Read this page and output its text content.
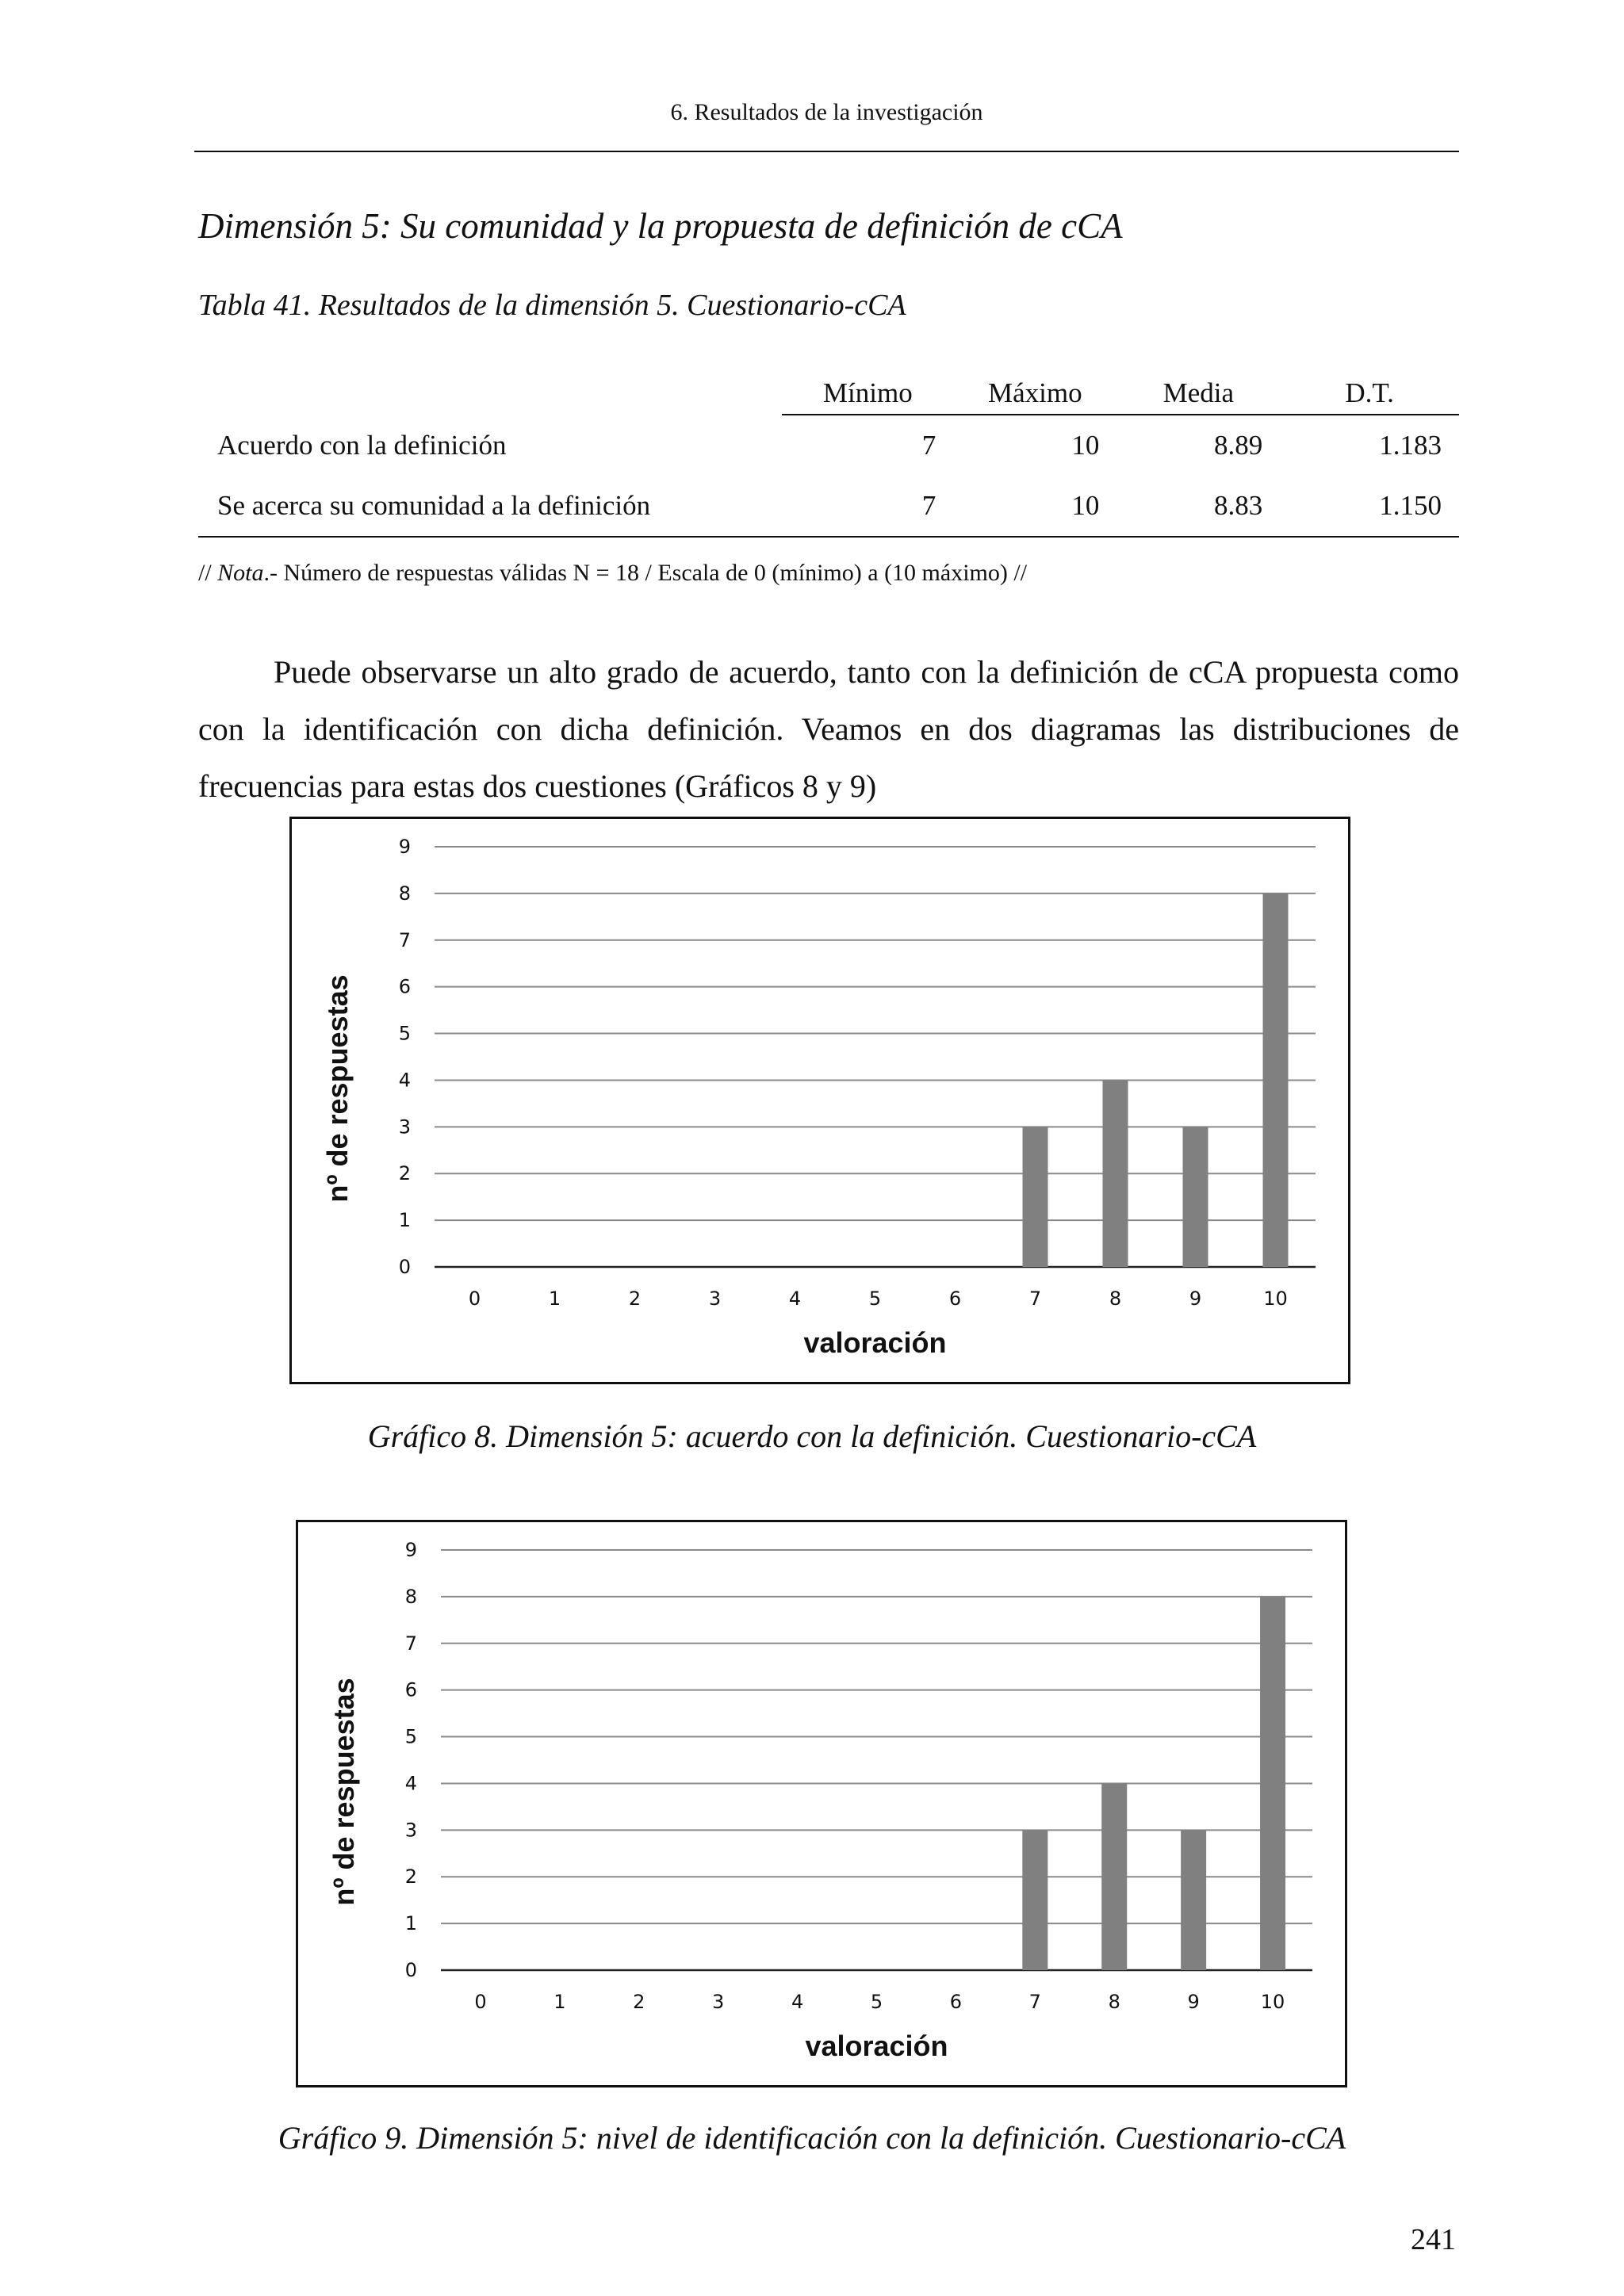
6. Resultados de la investigación
Dimensión 5: Su comunidad y la propuesta de definición de cCA
Tabla 41. Resultados de la dimensión 5. Cuestionario-cCA
	Mínimo	Máximo	Media	D.T.
Acuerdo con la definición	7	10	8.89	1.183
Se acerca su comunidad a la definición	7	10	8.83	1.150
// Nota.- Número de respuestas válidas N = 18 / Escala de 0 (mínimo) a (10 máximo) //
Puede observarse un alto grado de acuerdo, tanto con la definición de cCA propuesta como con la identificación con dicha definición. Veamos en dos diagramas las distribuciones de frecuencias para estas dos cuestiones (Gráficos 8 y 9)
0
1
2
3
4
5
6
7
8
9
0	1	2	3	4	5	6	7	8	9	10
valoración
nº de respuestas
Gráfico 8. Dimensión 5: acuerdo con la definición. Cuestionario-cCA
0
1
2
3
4
5
6
7
8
9
0	1	2	3	4	5	6	7	8	9	10
valoración
nº de respuestas
Gráfico 9. Dimensión 5: nivel de identificación con la definición. Cuestionario-cCA
241
